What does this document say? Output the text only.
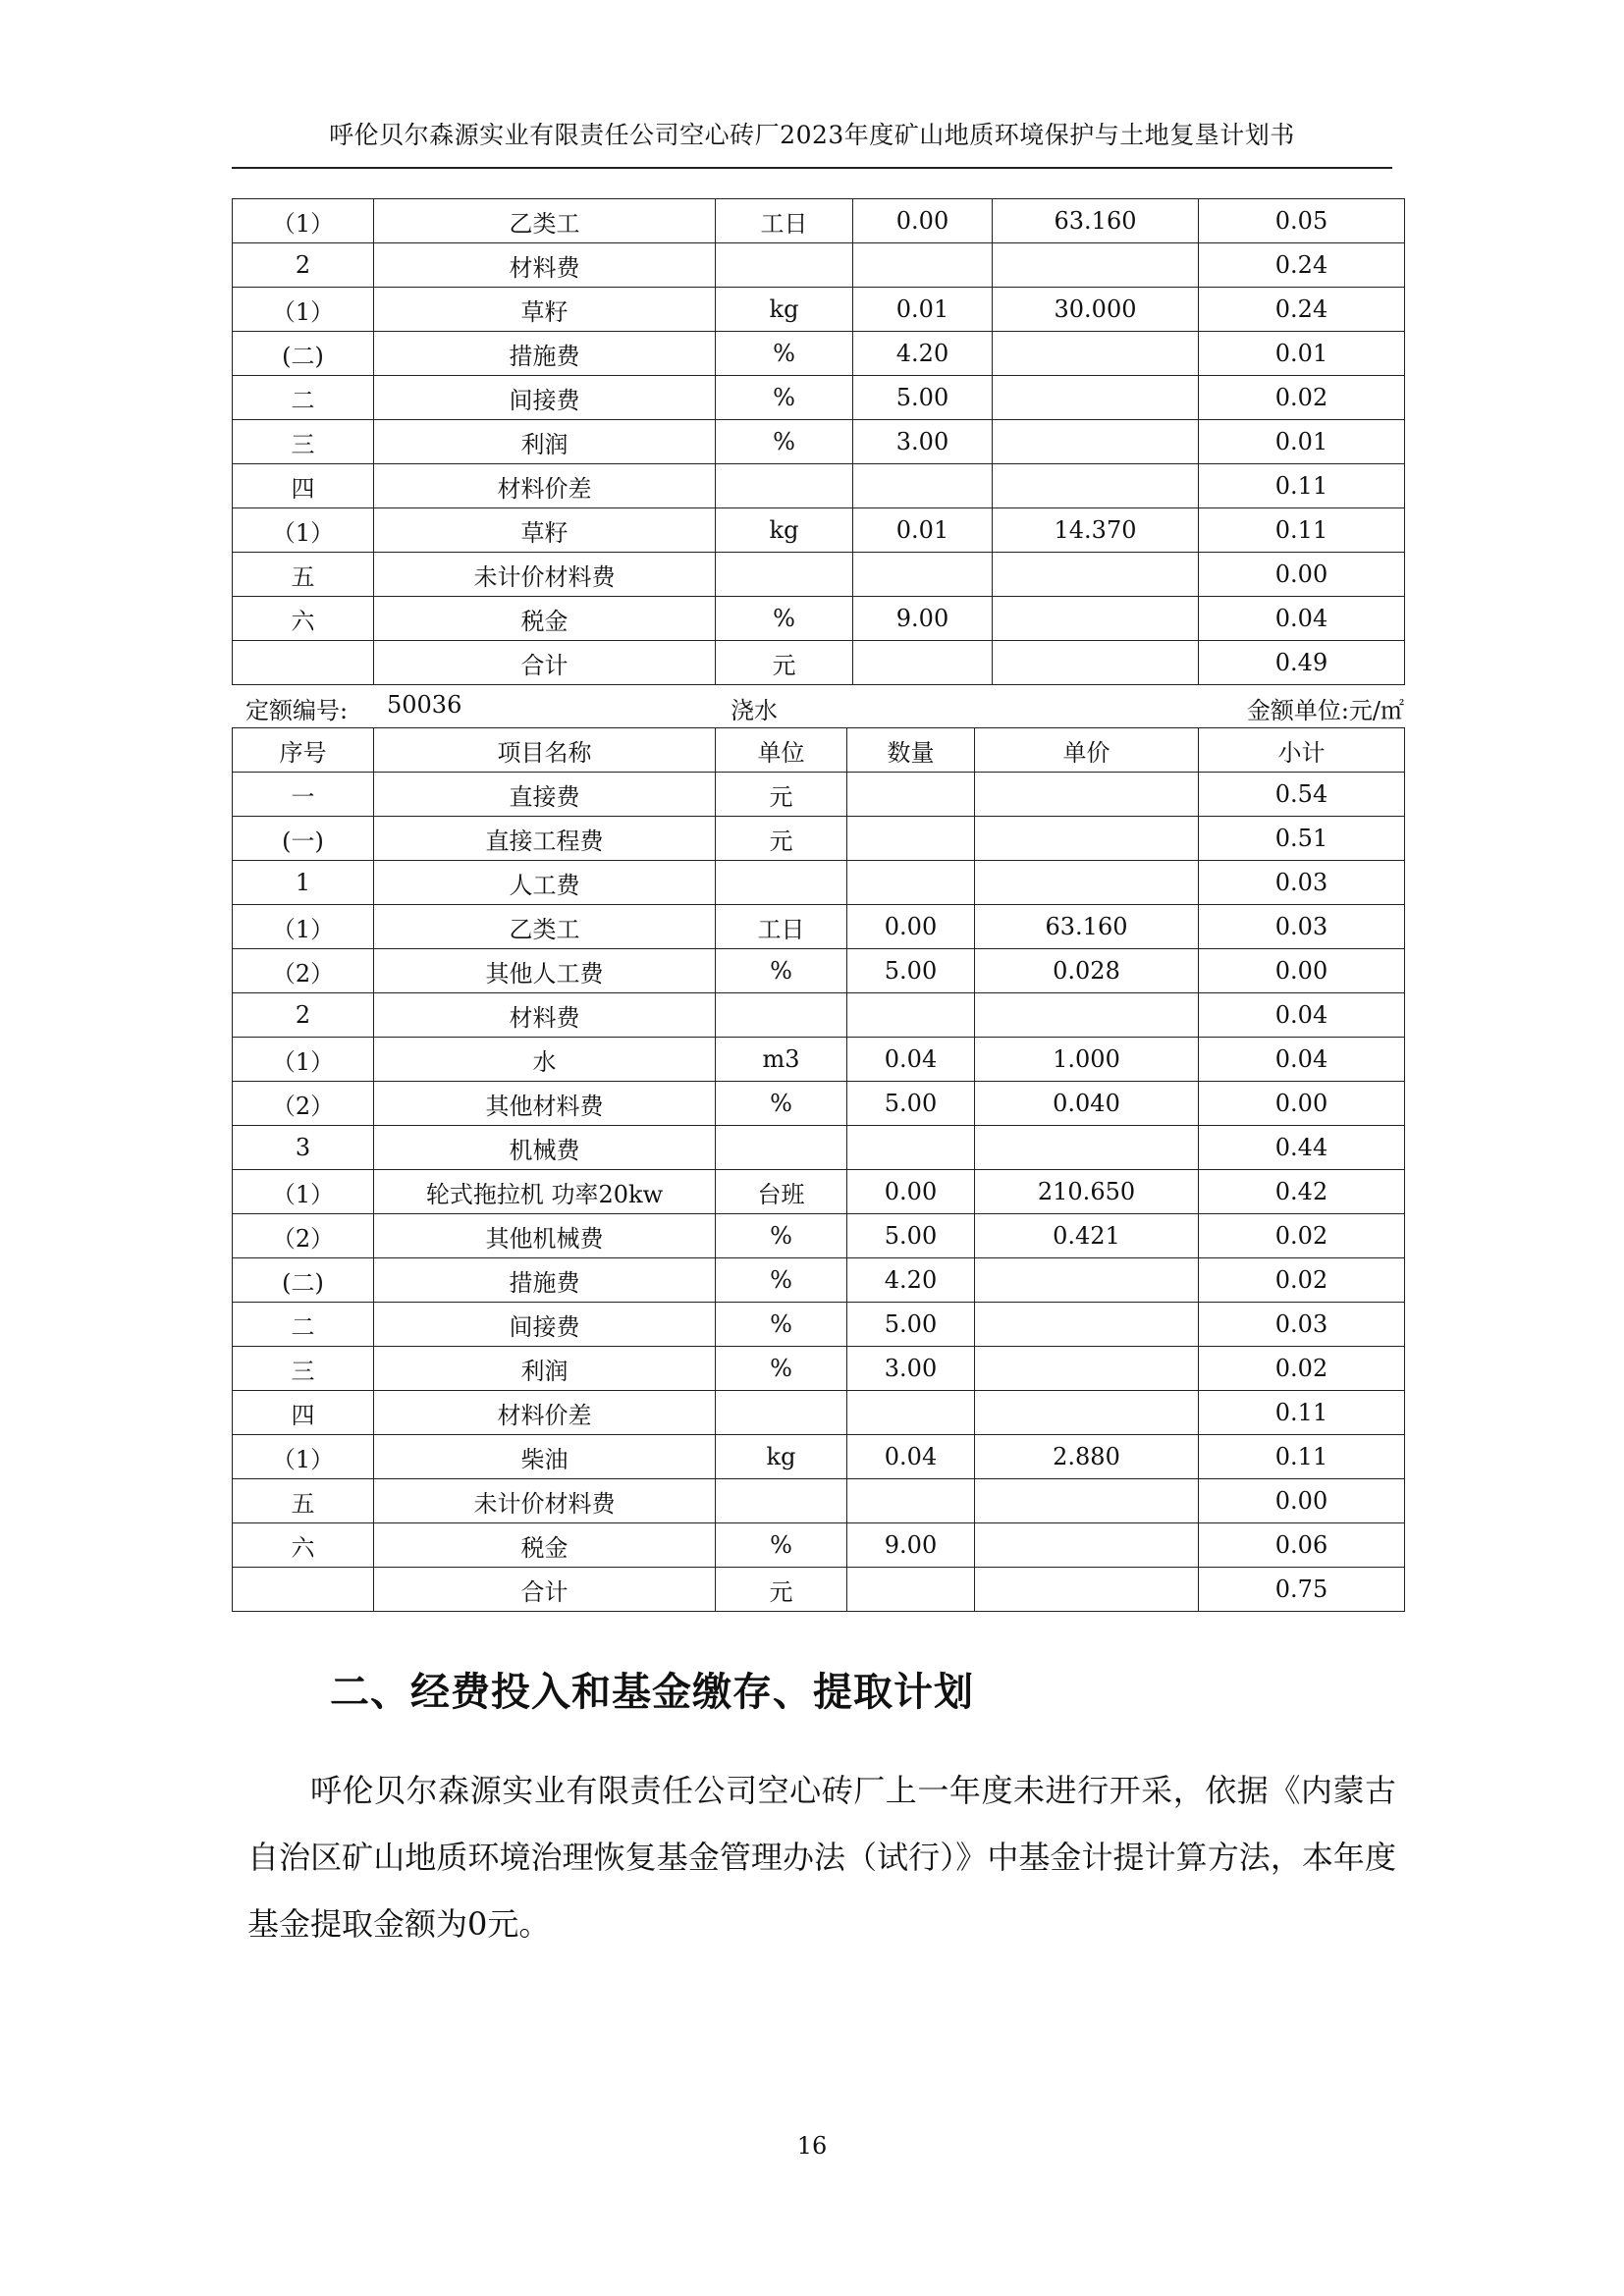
呼伦贝尔森源实业有限责任公司空心砖厂2023年度矿山地质环境保护与土地复垦计划书
（1）	乙类工	工日	0.00	63.160	0.05
2	材料费				0.24
（1）	草籽	kg	0.01	30.000	0.24
(二)	措施费	%	4.20		0.01
二	间接费	%	5.00		0.02
三	利润	%	3.00		0.01
四	材料价差				0.11
（1）	草籽	kg	0.01	14.370	0.11
五	未计价材料费				0.00
六	税金	%	9.00		0.04
	合计	元			0.49
定额编号: 50036	浇水	金额单位:元/㎡
序号	项目名称	单位	数量	单价	小计
一	直接费	元			0.54
(一)	直接工程费	元			0.51
1	人工费				0.03
（1）	乙类工	工日	0.00	63.160	0.03
（2）	其他人工费	%	5.00	0.028	0.00
2	材料费				0.04
（1）	水	m3	0.04	1.000	0.04
（2）	其他材料费	%	5.00	0.040	0.00
3	机械费				0.44
（1）	轮式拖拉机 功率20kw	台班	0.00	210.650	0.42
（2）	其他机械费	%	5.00	0.421	0.02
(二)	措施费	%	4.20		0.02
二	间接费	%	5.00		0.03
三	利润	%	3.00		0.02
四	材料价差				0.11
（1）	柴油	kg	0.04	2.880	0.11
五	未计价材料费				0.00
六	税金	%	9.00		0.06
	合计	元			0.75
二、经费投入和基金缴存、提取计划
呼伦贝尔森源实业有限责任公司空心砖厂上一年度未进行开采，依据《内蒙古自治区矿山地质环境治理恢复基金管理办法（试行）》中基金计提计算方法，本年度基金提取金额为0元。
16
